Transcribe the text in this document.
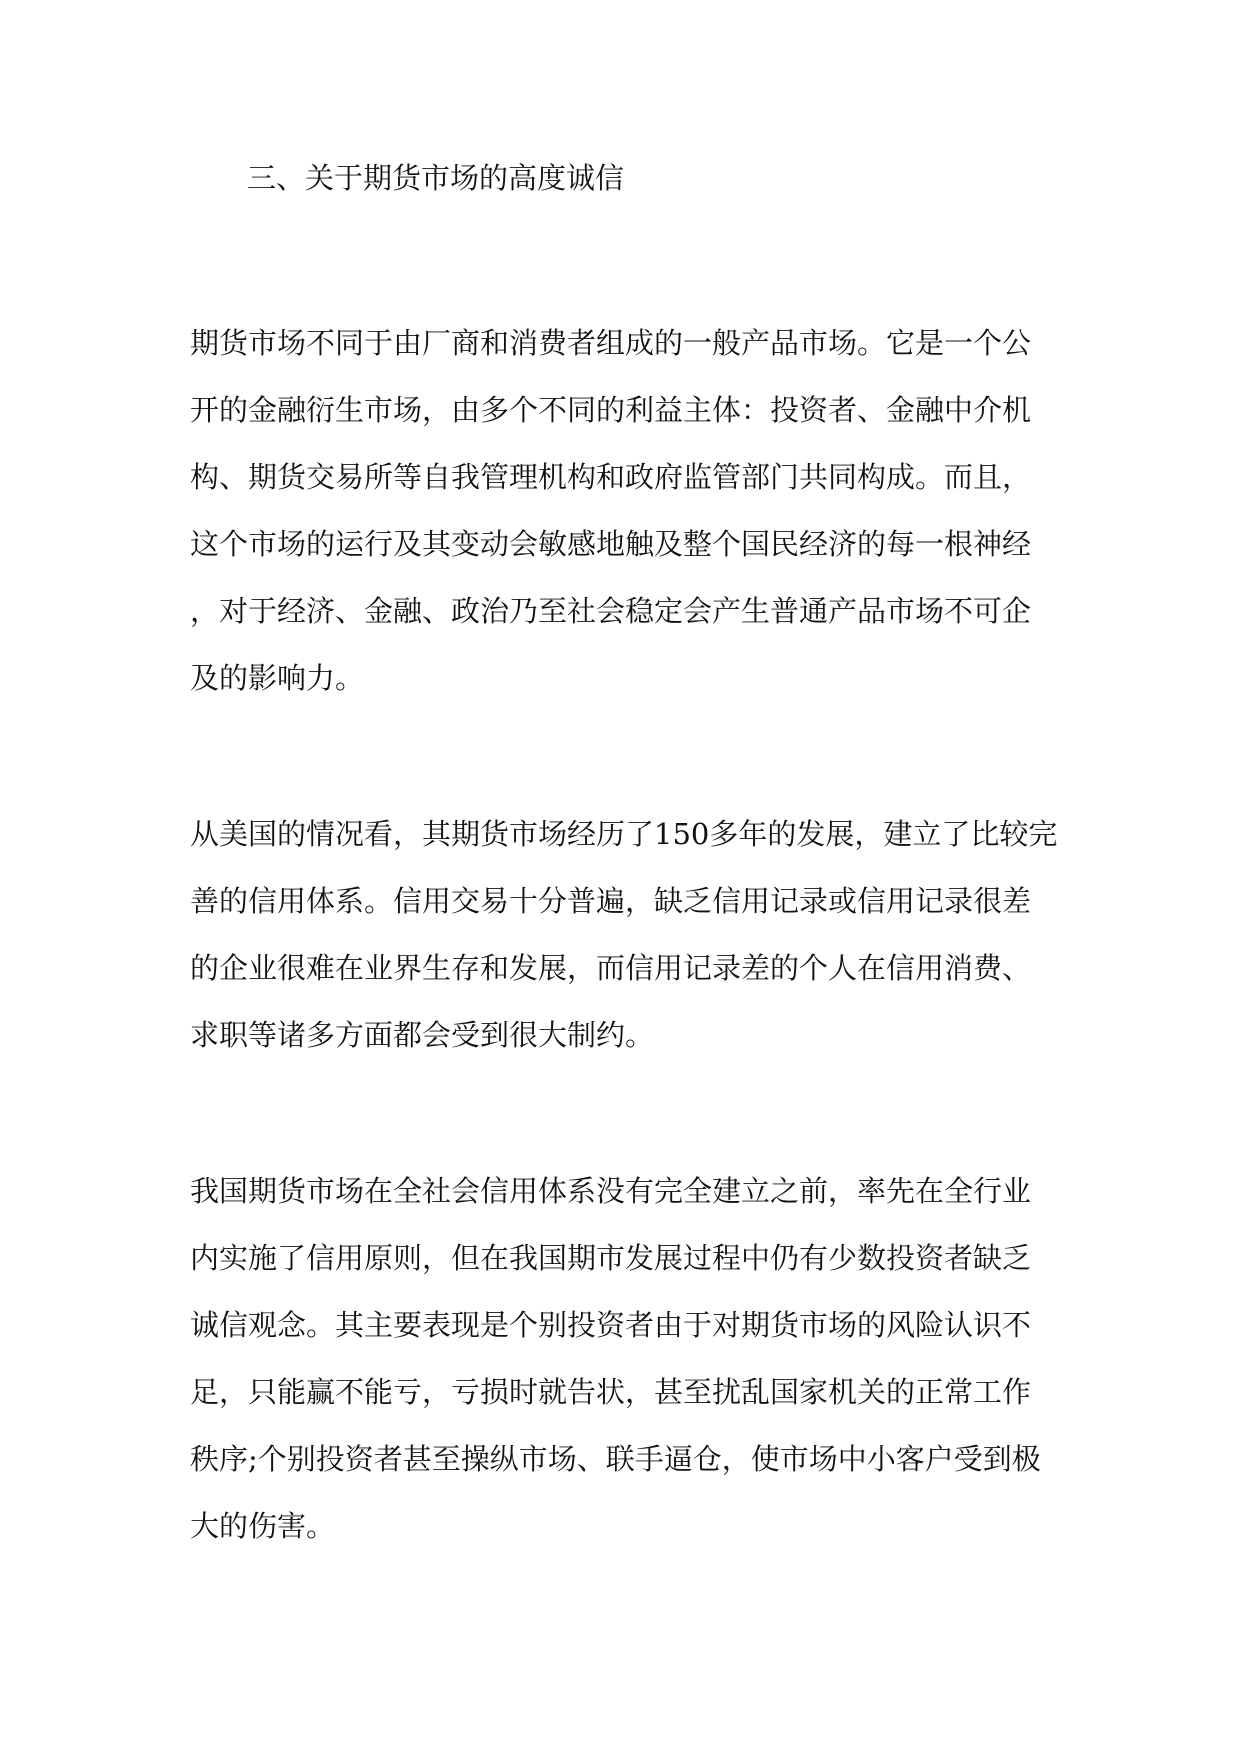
三、关于期货市场的高度诚信
期货市场不同于由厂商和消费者组成的一般产品市场。它是一个公
开的金融衍生市场，由多个不同的利益主体：投资者、金融中介机
构、期货交易所等自我管理机构和政府监管部门共同构成。而且，
这个市场的运行及其变动会敏感地触及整个国民经济的每一根神经
，对于经济、金融、政治乃至社会稳定会产生普通产品市场不可企
及的影响力。
从美国的情况看，其期货市场经历了150多年的发展，建立了比较完
善的信用体系。信用交易十分普遍，缺乏信用记录或信用记录很差
的企业很难在业界生存和发展，而信用记录差的个人在信用消费、
求职等诸多方面都会受到很大制约。
我国期货市场在全社会信用体系没有完全建立之前，率先在全行业
内实施了信用原则，但在我国期市发展过程中仍有少数投资者缺乏
诚信观念。其主要表现是个别投资者由于对期货市场的风险认识不
足，只能赢不能亏，亏损时就告状，甚至扰乱国家机关的正常工作
秩序;个别投资者甚至操纵市场、联手逼仓，使市场中小客户受到极
大的伤害。
